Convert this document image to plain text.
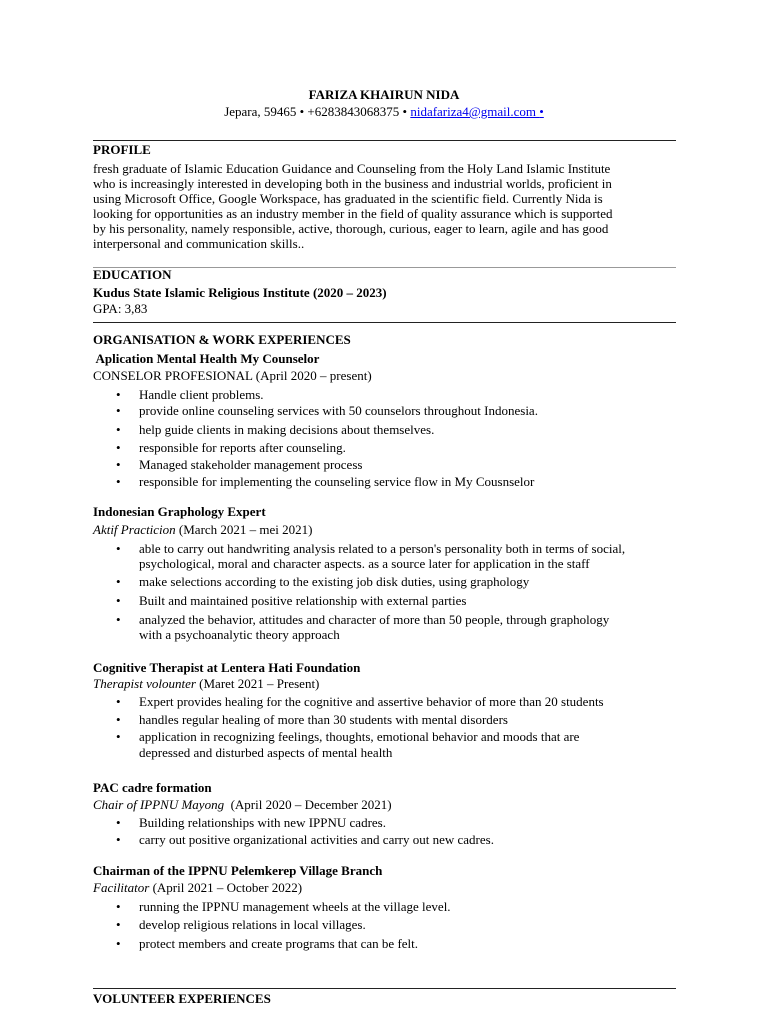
FARIZA KHAIRUN NIDA
Jepara, 59465 • +6283843068375 • nidafariza4@gmail.com •
PROFILE
fresh graduate of Islamic Education Guidance and Counseling from the Holy Land Islamic Institute
who is increasingly interested in developing both in the business and industrial worlds, proficient in
using Microsoft Office, Google Workspace, has graduated in the scientific field. Currently Nida is
looking for opportunities as an industry member in the field of quality assurance which is supported
by his personality, namely responsible, active, thorough, curious, eager to learn, agile and has good
interpersonal and communication skills..
EDUCATION
Kudus State Islamic Religious Institute (2020 – 2023)
GPA: 3,83
ORGANISATION & WORK EXPERIENCES
Aplication Mental Health My Counselor
CONSELOR PROFESIONAL (April 2020 – present)
• Handle client problems.
• provide online counseling services with 50 counselors throughout Indonesia.
• help guide clients in making decisions about themselves.
• responsible for reports after counseling.
• Managed stakeholder management process
• responsible for implementing the counseling service flow in My Cousnselor
Indonesian Graphology Expert
Aktif Practicion (March 2021 – mei 2021)
• able to carry out handwriting analysis related to a person's personality both in terms of social,
psychological, moral and character aspects. as a source later for application in the staff
• make selections according to the existing job disk duties, using graphology
• Built and maintained positive relationship with external parties
• analyzed the behavior, attitudes and character of more than 50 people, through graphology
with a psychoanalytic theory approach
Cognitive Therapist at Lentera Hati Foundation
Therapist volounter (Maret 2021 – Present)
• Expert provides healing for the cognitive and assertive behavior of more than 20 students
• handles regular healing of more than 30 students with mental disorders
• application in recognizing feelings, thoughts, emotional behavior and moods that are
depressed and disturbed aspects of mental health
PAC cadre formation
Chair of IPPNU Mayong  (April 2020 – December 2021)
• Building relationships with new IPPNU cadres.
• carry out positive organizational activities and carry out new cadres.
Chairman of the IPPNU Pelemkerep Village Branch
Facilitator (April 2021 – October 2022)
• running the IPPNU management wheels at the village level.
• develop religious relations in local villages.
• protect members and create programs that can be felt.
VOLUNTEER EXPERIENCES
